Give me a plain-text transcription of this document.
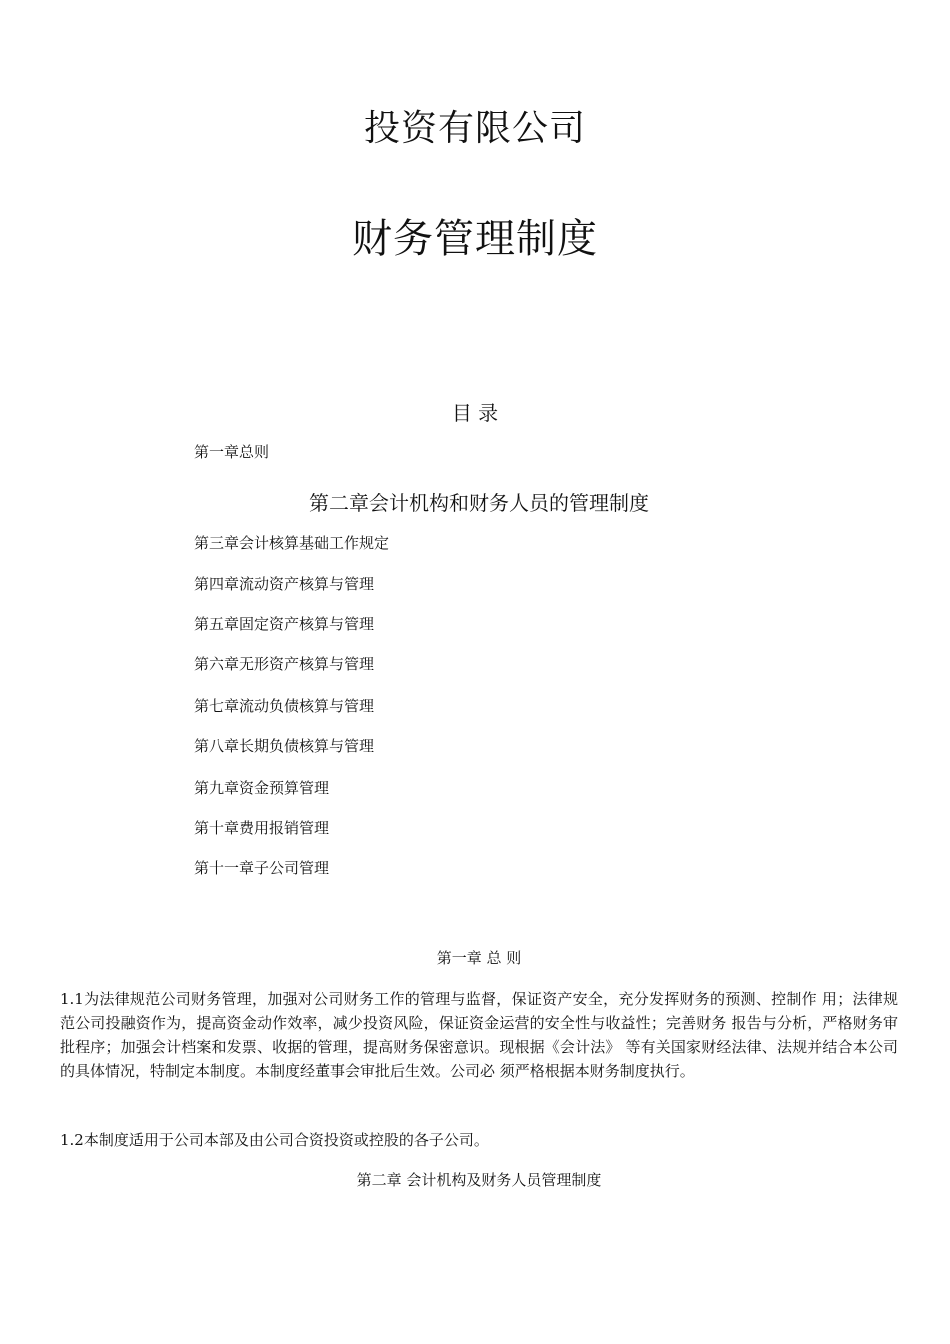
投资有限公司
财务管理制度
目 录
第一章总则
第二章会计机构和财务人员的管理制度
第三章会计核算基础工作规定
第四章流动资产核算与管理
第五章固定资产核算与管理
第六章无形资产核算与管理
第七章流动负债核算与管理
第八章长期负债核算与管理
第九章资金预算管理
第十章费用报销管理
第十一章子公司管理
第一章 总 则
1.1为法律规范公司财务管理，加强对公司财务工作的管理与监督，保证资产安全，充分发挥财务的预测、控制作 用；法律规范公司投融资作为，提高资金动作效率，减少投资风险，保证资金运营的安全性与收益性；完善财务 报告与分析，严格财务审批程序；加强会计档案和发票、收据的管理，提高财务保密意识。现根据《会计法》 等有关国家财经法律、法规并结合本公司的具体情况，特制定本制度。本制度经董事会审批后生效。公司必 须严格根据本财务制度执行。
1.2本制度适用于公司本部及由公司合资投资或控股的各子公司。
第二章 会计机构及财务人员管理制度
